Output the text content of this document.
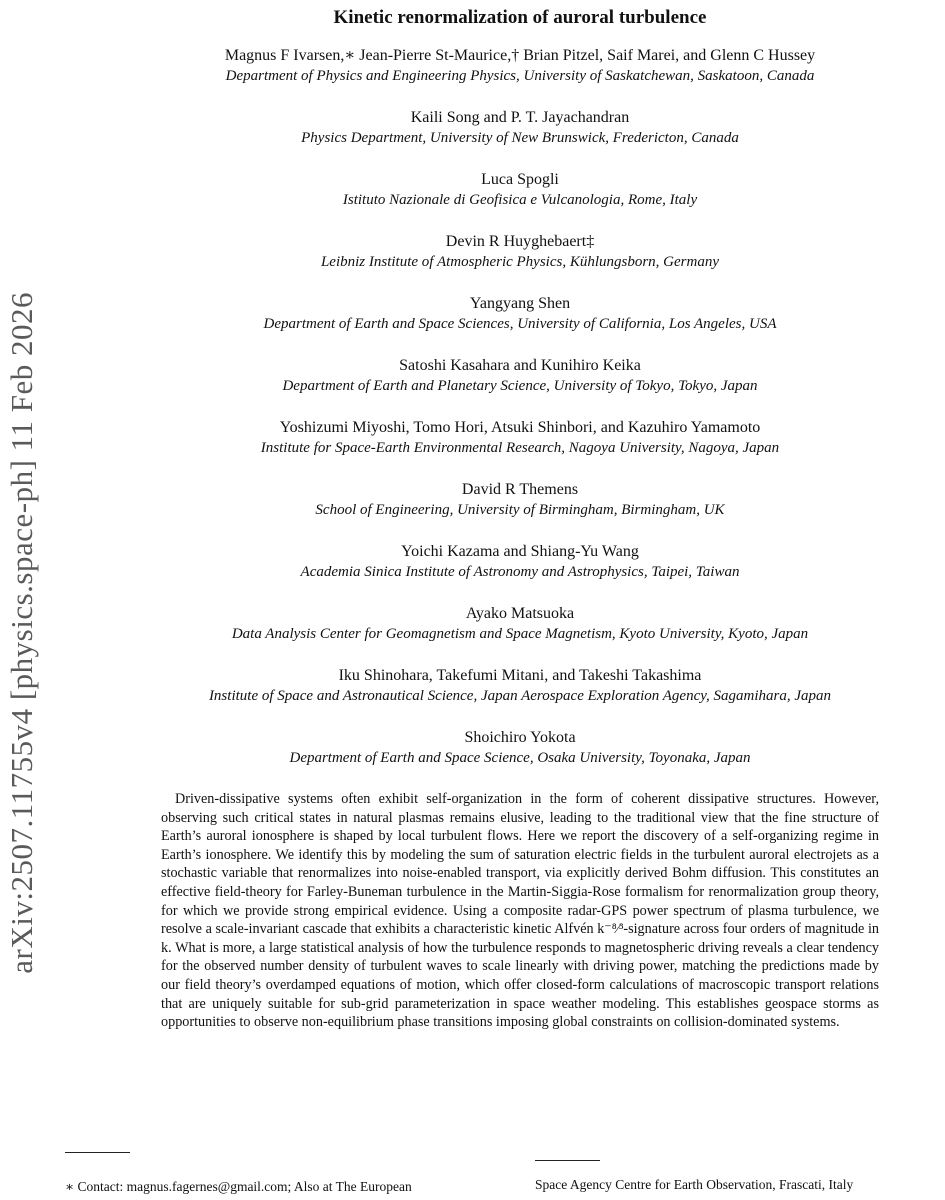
arXiv:2507.11755v4 [physics.space-ph] 11 Feb 2026
Kinetic renormalization of auroral turbulence
Magnus F Ivarsen,∗ Jean-Pierre St-Maurice,† Brian Pitzel, Saif Marei, and Glenn C Hussey
Department of Physics and Engineering Physics, University of Saskatchewan, Saskatoon, Canada
Kaili Song and P. T. Jayachandran
Physics Department, University of New Brunswick, Fredericton, Canada
Luca Spogli
Istituto Nazionale di Geofisica e Vulcanologia, Rome, Italy
Devin R Huyghebaert‡
Leibniz Institute of Atmospheric Physics, Kühlungsborn, Germany
Yangyang Shen
Department of Earth and Space Sciences, University of California, Los Angeles, USA
Satoshi Kasahara and Kunihiro Keika
Department of Earth and Planetary Science, University of Tokyo, Tokyo, Japan
Yoshizumi Miyoshi, Tomo Hori, Atsuki Shinbori, and Kazuhiro Yamamoto
Institute for Space-Earth Environmental Research, Nagoya University, Nagoya, Japan
David R Themens
School of Engineering, University of Birmingham, Birmingham, UK
Yoichi Kazama and Shiang-Yu Wang
Academia Sinica Institute of Astronomy and Astrophysics, Taipei, Taiwan
Ayako Matsuoka
Data Analysis Center for Geomagnetism and Space Magnetism, Kyoto University, Kyoto, Japan
Iku Shinohara, Takefumi Mitani, and Takeshi Takashima
Institute of Space and Astronautical Science, Japan Aerospace Exploration Agency, Sagamihara, Japan
Shoichiro Yokota
Department of Earth and Space Science, Osaka University, Toyonaka, Japan

Driven-dissipative systems often exhibit self-organization in the form of coherent dissipative structures. However, observing such critical states in natural plasmas remains elusive, leading to the traditional view that the fine structure of Earth’s auroral ionosphere is shaped by local turbulent flows. Here we report the discovery of a self-organizing regime in Earth’s ionosphere. We identify this by modeling the sum of saturation electric fields in the turbulent auroral electrojets as a stochastic variable that renormalizes into noise-enabled transport, via explicitly derived Bohm diffusion. This constitutes an effective field-theory for Farley-Buneman turbulence in the Martin-Siggia-Rose formalism for renormalization group theory, for which we provide strong empirical evidence. Using a composite radar-GPS power spectrum of plasma turbulence, we resolve a scale-invariant cascade that exhibits a characteristic kinetic Alfvén k⁻⁸⁄³-signature across four orders of magnitude in k. What is more, a large statistical analysis of how the turbulence responds to magnetospheric driving reveals a clear tendency for the observed number density of turbulent waves to scale linearly with driving power, matching the predictions made by our field theory’s overdamped equations of motion, which offer closed-form calculations of macroscopic transport relations that are uniquely suitable for sub-grid parameterization in space weather modeling. This establishes geospace storms as opportunities to observe non-equilibrium phase transitions imposing global constraints on collision-dominated systems.

∗ Contact: magnus.fagernes@gmail.com; Also at The European	Space Agency Centre for Earth Observation, Frascati, Italy
